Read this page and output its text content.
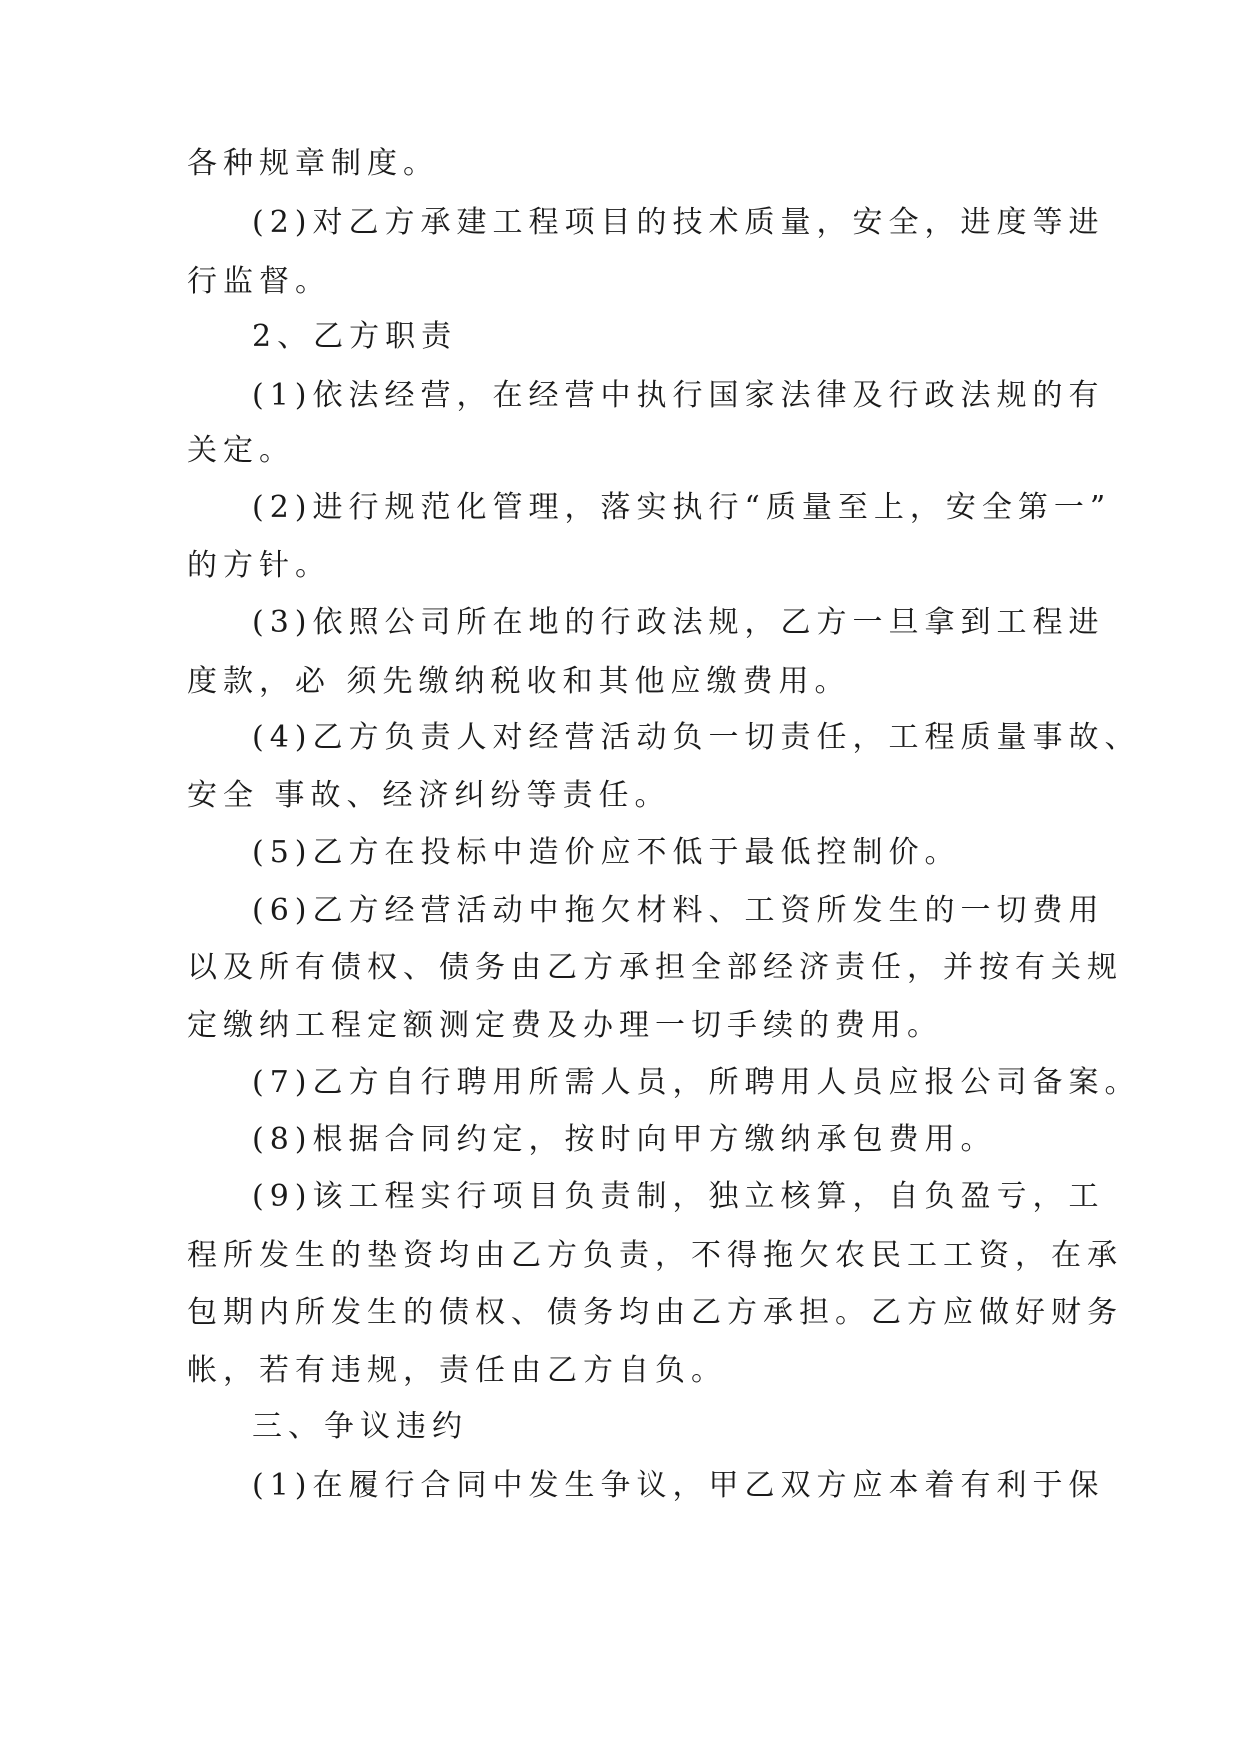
各种规章制度。
(2)对乙方承建工程项目的技术质量，安全，进度等进
行监督。
2、乙方职责
(1)依法经营，在经营中执行国家法律及行政法规的有
关定。
(2)进行规范化管理，落实执行“质量至上，安全第一”
的方针。
(3)依照公司所在地的行政法规，乙方一旦拿到工程进
度款，必 须先缴纳税收和其他应缴费用。
(4)乙方负责人对经营活动负一切责任，工程质量事故、
安全 事故、经济纠纷等责任。
(5)乙方在投标中造价应不低于最低控制价。
(6)乙方经营活动中拖欠材料、工资所发生的一切费用
以及所有债权、债务由乙方承担全部经济责任，并按有关规
定缴纳工程定额测定费及办理一切手续的费用。
(7)乙方自行聘用所需人员，所聘用人员应报公司备案。
(8)根据合同约定，按时向甲方缴纳承包费用。
(9)该工程实行项目负责制，独立核算，自负盈亏，工
程所发生的垫资均由乙方负责，不得拖欠农民工工资，在承
包期内所发生的债权、债务均由乙方承担。乙方应做好财务
帐，若有违规，责任由乙方自负。
三、争议违约
(1)在履行合同中发生争议，甲乙双方应本着有利于保
